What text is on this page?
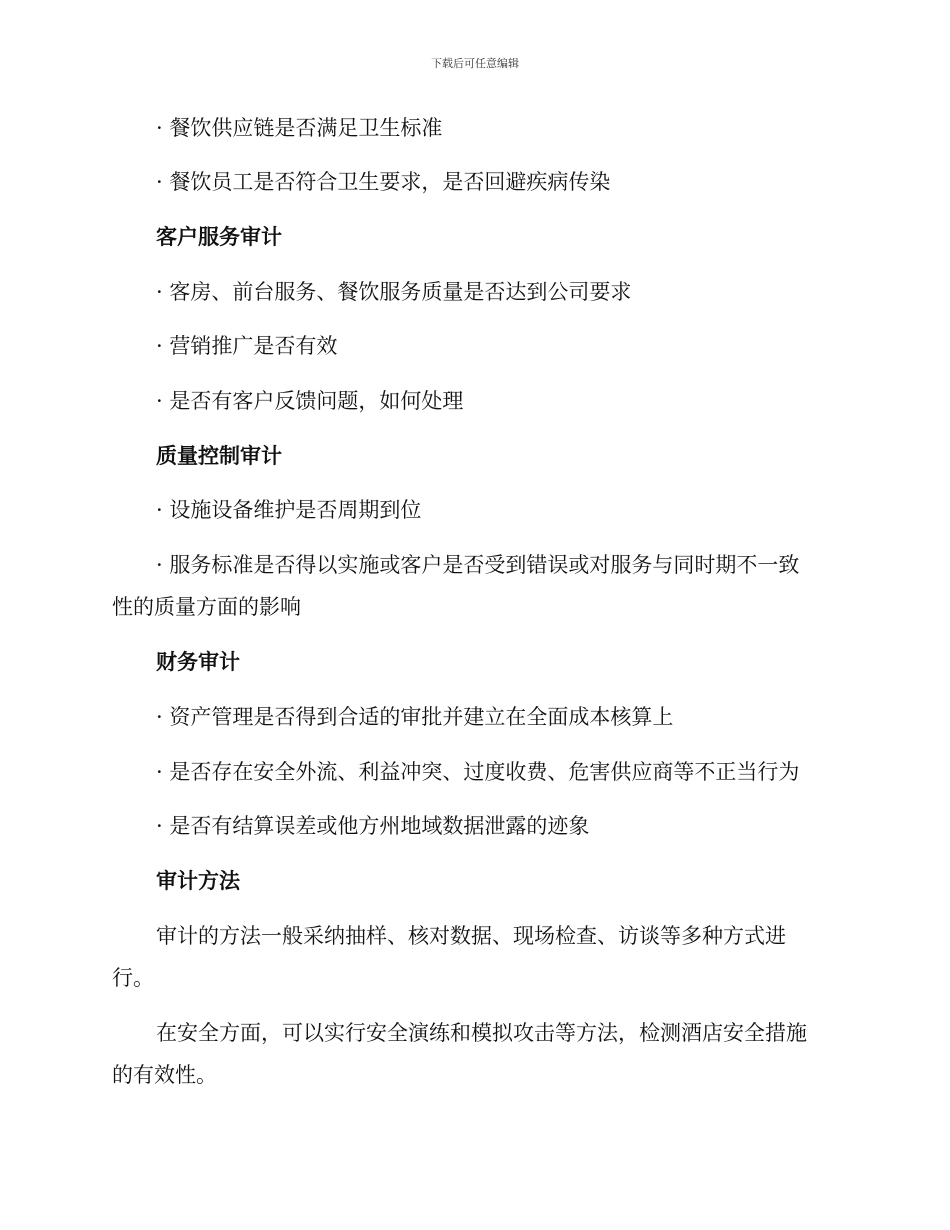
下载后可任意编辑
· 餐饮供应链是否满足卫生标准
· 餐饮员工是否符合卫生要求，是否回避疾病传染
客户服务审计
· 客房、前台服务、餐饮服务质量是否达到公司要求
· 营销推广是否有效
· 是否有客户反馈问题，如何处理
质量控制审计
· 设施设备维护是否周期到位
· 服务标准是否得以实施或客户是否受到错误或对服务与同时期不一致
性的质量方面的影响
财务审计
· 资产管理是否得到合适的审批并建立在全面成本核算上
· 是否存在安全外流、利益冲突、过度收费、危害供应商等不正当行为
· 是否有结算误差或他方州地域数据泄露的迹象
审计方法
审计的方法一般采纳抽样、核对数据、现场检查、访谈等多种方式进
行。
在安全方面，可以实行安全演练和模拟攻击等方法，检测酒店安全措施
的有效性。
